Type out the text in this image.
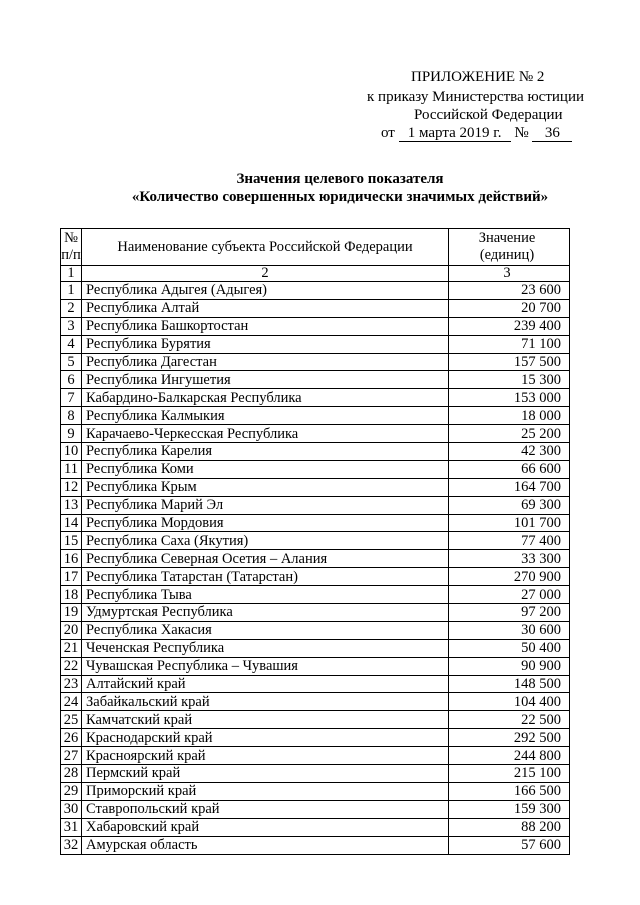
ПРИЛОЖЕНИЕ № 2
к приказу Министерства юстиции
Российской Федерации
от 1 марта 2019 г. № 36
Значения целевого показателя
«Количество совершенных юридически значимых действий»
№
п/п	Наименование субъекта Российской Федерации	Значение
(единиц)
1	2	3
1	Республика Адыгея (Адыгея)	23 600
2	Республика Алтай	20 700
3	Республика Башкортостан	239 400
4	Республика Бурятия	71 100
5	Республика Дагестан	157 500
6	Республика Ингушетия	15 300
7	Кабардино-Балкарская Республика	153 000
8	Республика Калмыкия	18 000
9	Карачаево-Черкесская Республика	25 200
10	Республика Карелия	42 300
11	Республика Коми	66 600
12	Республика Крым	164 700
13	Республика Марий Эл	69 300
14	Республика Мордовия	101 700
15	Республика Саха (Якутия)	77 400
16	Республика Северная Осетия – Алания	33 300
17	Республика Татарстан (Татарстан)	270 900
18	Республика Тыва	27 000
19	Удмуртская Республика	97 200
20	Республика Хакасия	30 600
21	Чеченская Республика	50 400
22	Чувашская Республика – Чувашия	90 900
23	Алтайский край	148 500
24	Забайкальский край	104 400
25	Камчатский край	22 500
26	Краснодарский край	292 500
27	Красноярский край	244 800
28	Пермский край	215 100
29	Приморский край	166 500
30	Ставропольский край	159 300
31	Хабаровский край	88 200
32	Амурская область	57 600
